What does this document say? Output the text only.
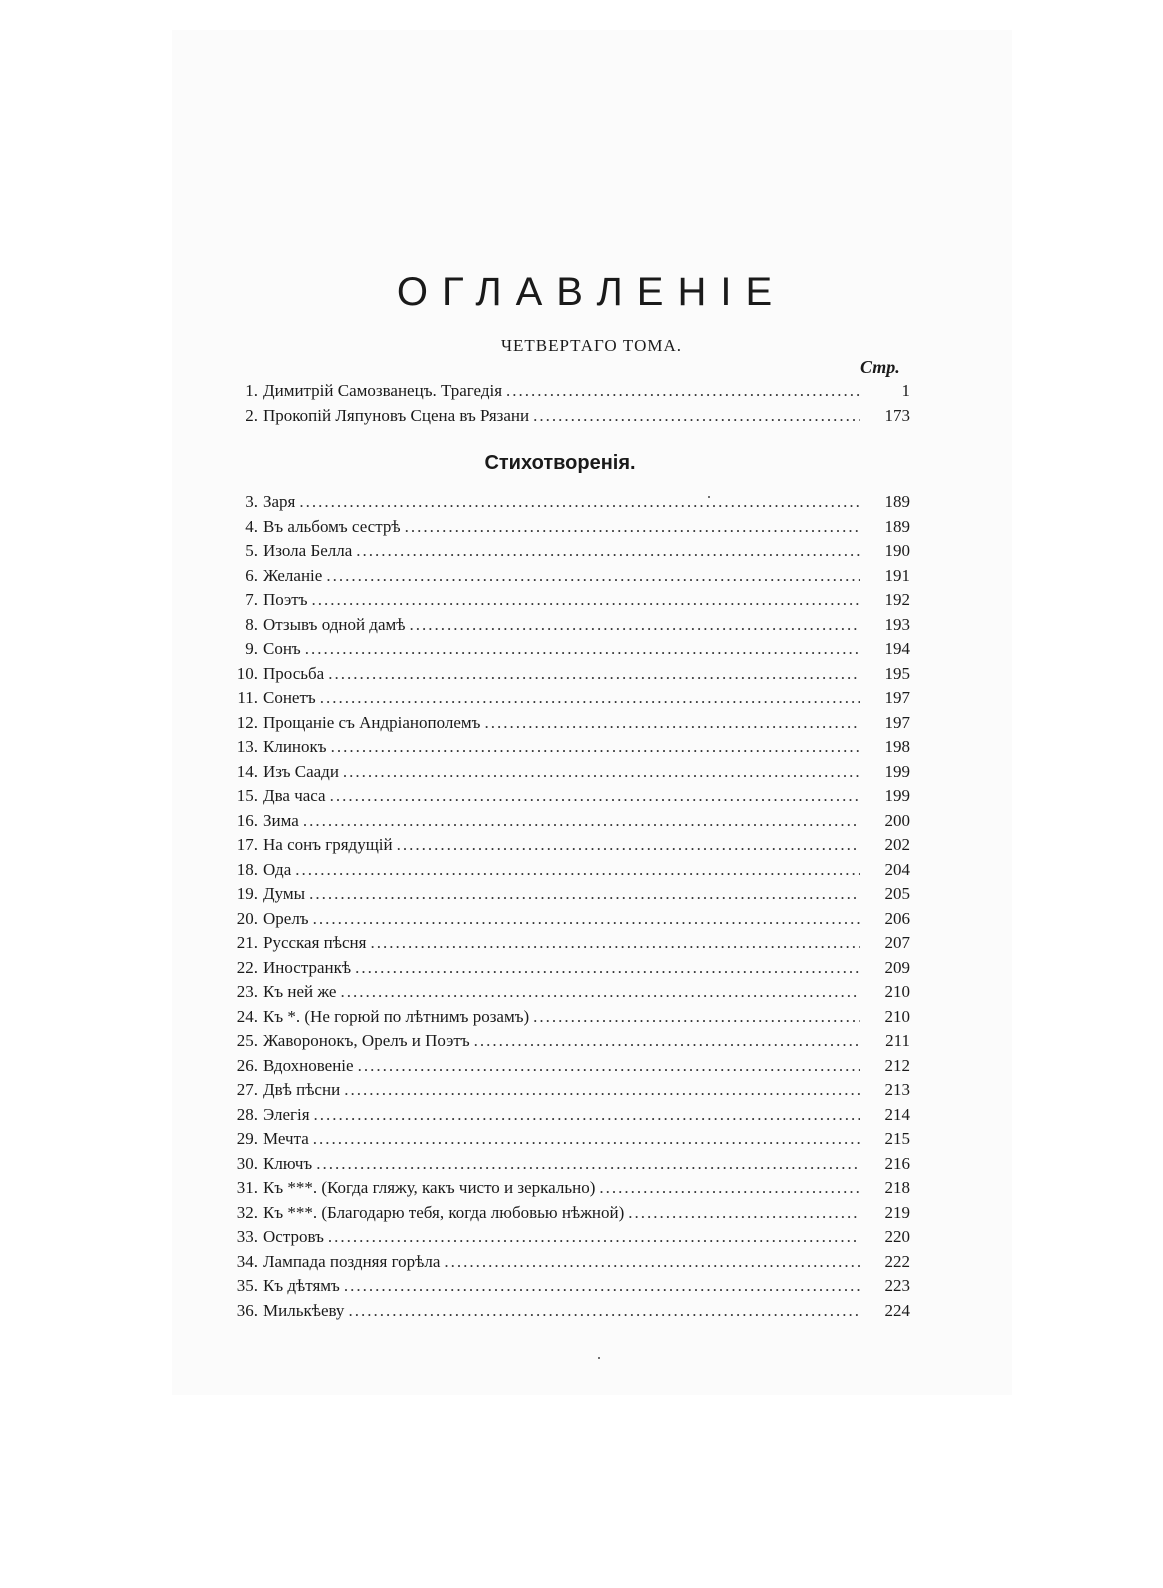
ОГЛАВЛЕНIЕ
ЧЕТВЕРТАГО ТОМА.
Стр.
1. Димитрій Самозванецъ. Трагедія .....	1
2. Прокопій Ляпуновъ Сцена въ Рязани .....	173
Стихотворенія.
3. Заря .....	189
4. Въ альбомъ сестрѣ .....	189
5. Изола Белла .....	190
6. Желаніе .....	191
7. Поэтъ .....	192
8. Отзывъ одной дамѣ .....	193
9. Сонъ .....	194
10. Просьба .....	195
11. Сонетъ .....	197
12. Прощаніе съ Андріанополемъ .....	197
13. Клинокъ .....	198
14. Изъ Саади .....	199
15. Два часа .....	199
16. Зима .....	200
17. На сонъ грядущій .....	202
18. Ода .....	204
19. Думы .....	205
20. Орелъ .....	206
21. Русская пѣсня .....	207
22. Иностранкѣ .....	209
23. Къ ней же .....	210
24. Къ *. (Не горюй по лѣтнимъ розамъ) .....	210
25. Жаворонокъ, Орелъ и Поэтъ .....	211
26. Вдохновеніе .....	212
27. Двѣ пѣсни .....	213
28. Элегія .....	214
29. Мечта .....	215
30. Ключъ .....	216
31. Къ ***. (Когда гляжу, какъ чисто и зеркально) .....	218
32. Къ ***. (Благодарю тебя, когда любовью нѣжной) .....	219
33. Островъ .....	220
34. Лампада поздняя горѣла .....	222
35. Къ дѣтямъ .....	223
36. Милькѣеву .....	224
